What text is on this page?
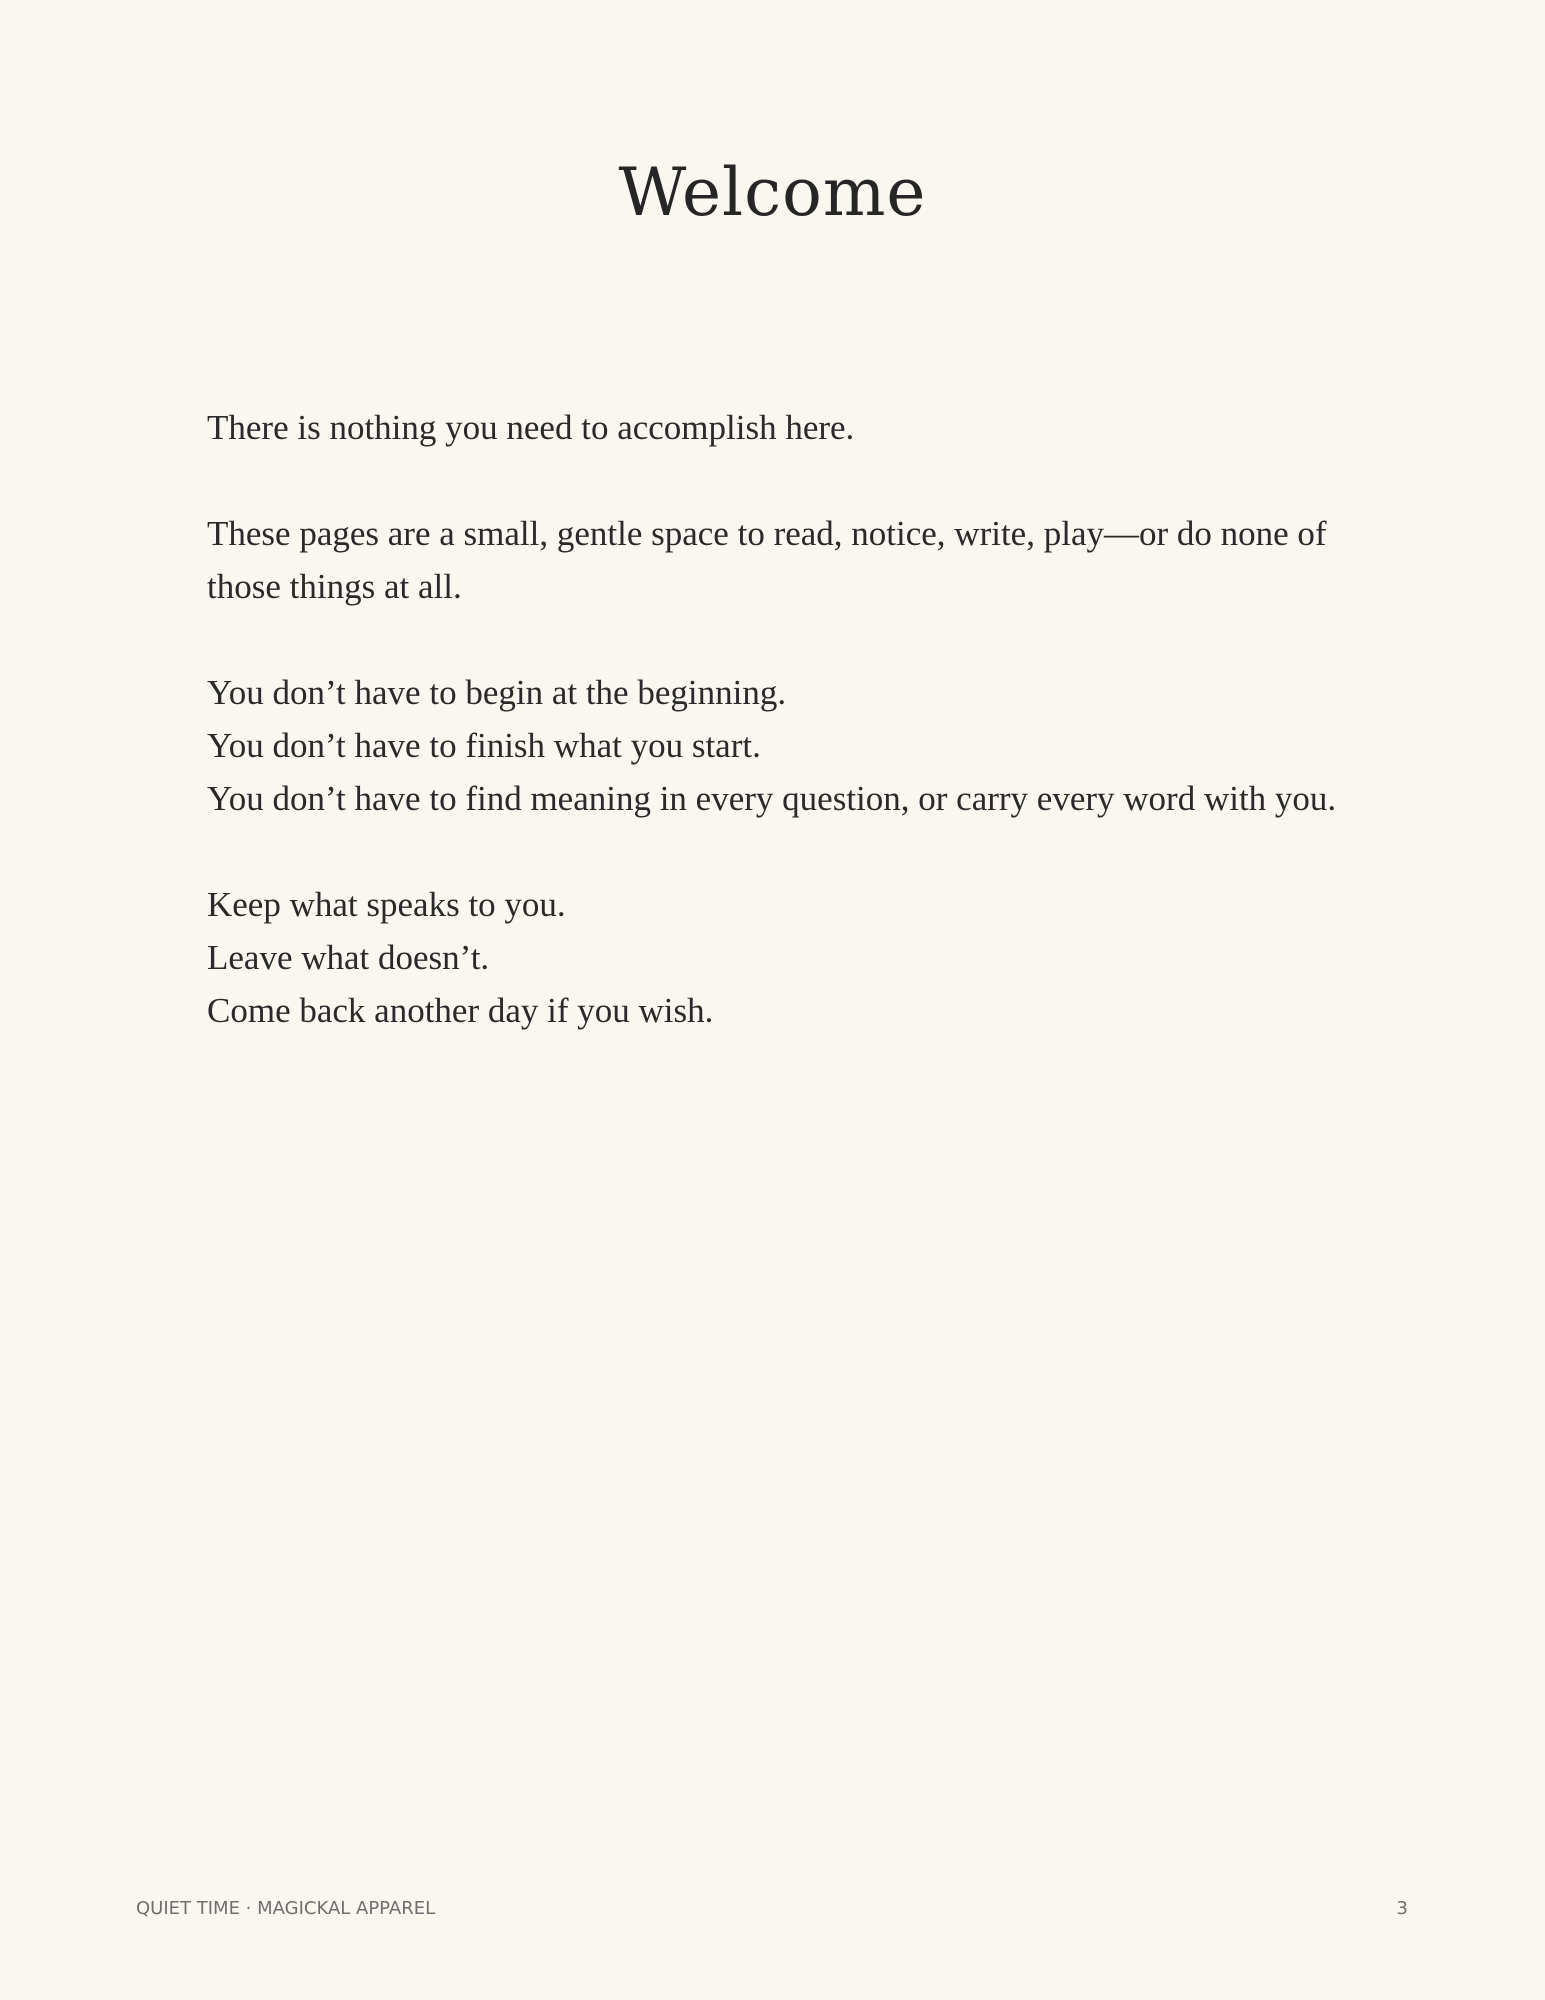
Welcome

There is nothing you need to accomplish here.

These pages are a small, gentle space to read, notice, write, play—or do none of those things at all.

You don’t have to begin at the beginning.
You don’t have to finish what you start.
You don’t have to find meaning in every question, or carry every word with you.

Keep what speaks to you.
Leave what doesn’t.
Come back another day if you wish.

QUIET TIME · MAGICKAL APPAREL	3
